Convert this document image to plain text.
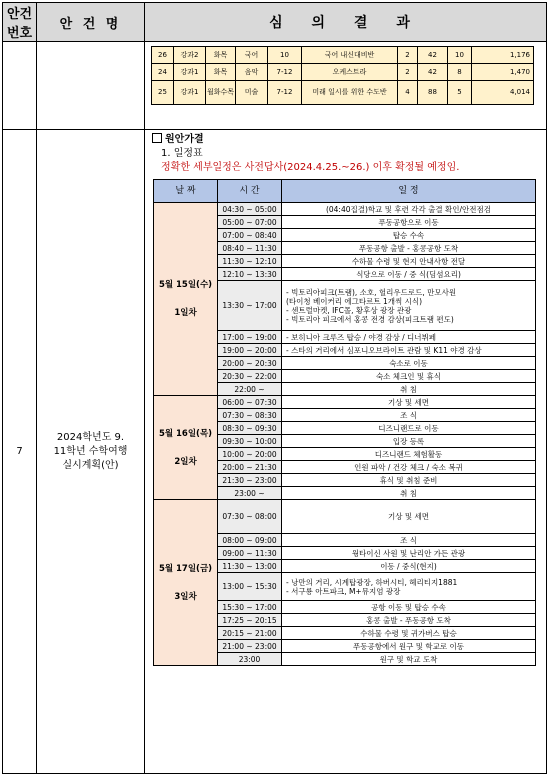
안건
번호	안 건 명	심 의 결 과

26	강과2	화목	국어	10	국어 내신대비반	2	42	10	1,176
24	강과1	화목	음악	7-12	오케스트라	2	42	8	1,470
25	강과1	월화수목	미술	7-12	미래 일시를 위한 수도반	4	88	5	4,014

7	2024학년도 9.
11학년 수학여행
실시계획(안)	
원안가결
1. 일정표
정확한 세부일정은 사전답사(2024.4.25.~26.) 이후 확정될 예정임.
날 짜	시 간	일 정
5월 15일(수)

1일차	04:30 ~ 05:00	(04:40집결)학교 및 후련 각각 출결 확인/안전점검
05:00 ~ 07:00	푸동공항으로 이동
07:00 ~ 08:40	탑승 수속
08:40 ~ 11:30	푸동공항 출발 - 홍콩공항 도착
11:30 ~ 12:10	수하물 수령 및 현지 안내사항 전달
12:10 ~ 13:30	식당으로 이동 / 중 식(딤섬요리)
13:30 ~ 17:00	- 빅토리아피크(트램), 소호, 헐리우드로드, 만모사원
(타이청 베이커리 에그타르트 1개씩 시식)
- 센트럴마켓, IFC몰, 황후상 광장 관광
- 빅토리아 피크에서 홍콩 전경 감상(피크트램 편도)
17:00 ~ 19:00	- 보히니아 크루즈 탑승 / 야경 감상 / 디너뷔페
19:00 ~ 20:00	- 스타의 거리에서 심포니오브라이트 관람 및 K11 야경 감상
20:00 ~ 20:30	숙소로 이동
20:30 ~ 22:00	숙소 체크인 및 휴식
22:00 ~	취 침
5월 16일(목)

2일차	06:00 ~ 07:30	기상 및 세면
07:30 ~ 08:30	조 식
08:30 ~ 09:30	디즈니랜드로 이동
09:30 ~ 10:00	입장 등록
10:00 ~ 20:00	디즈니랜드 체험활동
20:00 ~ 21:30	인원 파악 / 건강 체크 / 숙소 복귀
21:30 ~ 23:00	휴식 및 취침 준비
23:00 ~	취 침
5월 17일(금)

3일차	07:30 ~ 08:00	기상 및 세면
08:00 ~ 09:00	조 식
09:00 ~ 11:30	웡타이신 사원 및 난리안 가든 관광
11:30 ~ 13:00	이동 / 중식(현지)
13:00 ~ 15:30	- 낭만의 거리, 시계탑광장, 하버시티, 헤리티지1881
- 서구룡 아트파크, M+뮤지엄 광장
15:30 ~ 17:00	공항 이동 및 탑승 수속
17:25 ~ 20:15	홍콩 출발 - 푸동공항 도착
20:15 ~ 21:00	수하물 수령 및 귀가버스 탑승
21:00 ~ 23:00	푸동공항에서 원구 및 학교로 이동
23:00	원구 및 학교 도착
